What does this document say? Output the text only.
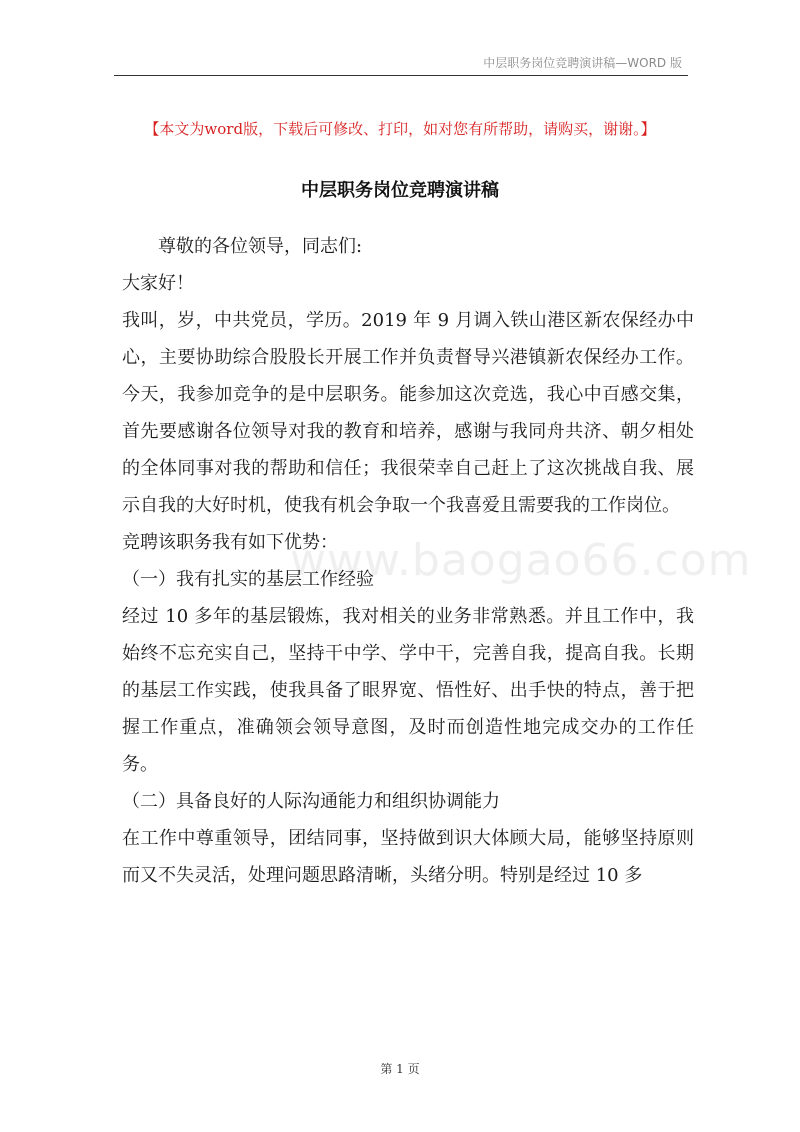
中层职务岗位竞聘演讲稿—WORD 版
【本文为word版，下载后可修改、打印，如对您有所帮助，请购买，谢谢。】
中层职务岗位竞聘演讲稿
www.baogao66.com

尊敬的各位领导，同志们:

大家好！

我叫，岁，中共党员，学历。2019 年 9 月调入铁山港区新农保经办中心，主要协助综合股股长开展工作并负责督导兴港镇新农保经办工作。今天，我参加竞争的是中层职务。能参加这次竞选，我心中百感交集，首先要感谢各位领导对我的教育和培养，感谢与我同舟共济、朝夕相处的全体同事对我的帮助和信任；我很荣幸自己赶上了这次挑战自我、展示自我的大好时机，使我有机会争取一个我喜爱且需要我的工作岗位。

竞聘该职务我有如下优势：

（一）我有扎实的基层工作经验

经过 10 多年的基层锻炼，我对相关的业务非常熟悉。并且工作中，我始终不忘充实自己，坚持干中学、学中干，完善自我，提高自我。长期的基层工作实践，使我具备了眼界宽、悟性好、出手快的特点，善于把握工作重点，准确领会领导意图，及时而创造性地完成交办的工作任务。

（二）具备良好的人际沟通能力和组织协调能力

在工作中尊重领导，团结同事，坚持做到识大体顾大局，能够坚持原则而又不失灵活，处理问题思路清晰，头绪分明。特别是经过 10 多

第 1 页
